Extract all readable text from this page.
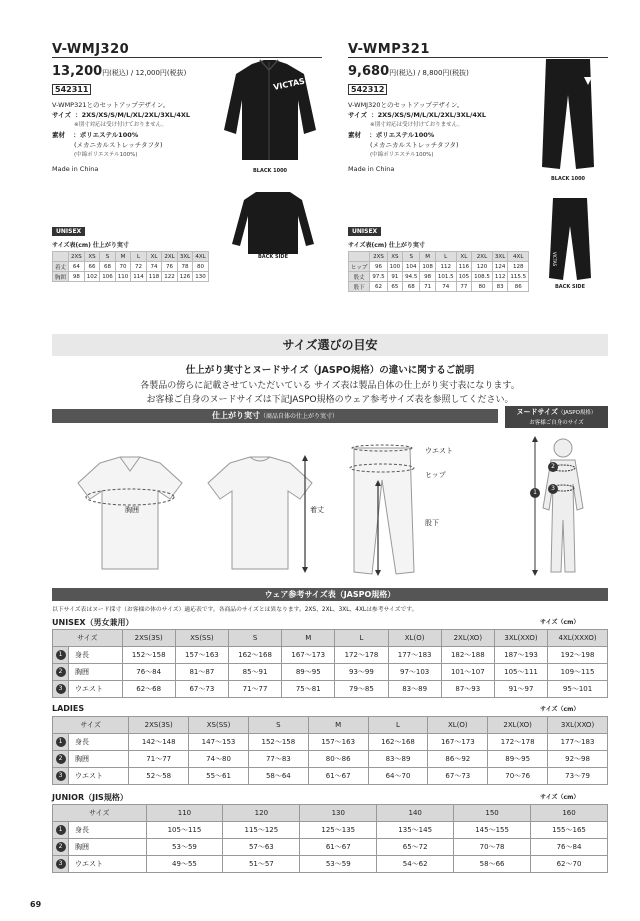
V-WMJ320
13,200円(税込) / 12,000円(税抜)
542311

V-WMP321とのセットアップデザイン。

サイズ ：2XS/XS/S/M/L/XL/2XL/3XL/4XL

※別寸対応は受け付けておりません。

素材 ：ポリエステル100%

(メカニカルストレッチタフタ)

(中綿ポリエステル100%)

Made in China

VICTAS
BLACK 1000
BACK SIDE
UNISEX
サイズ表(cm) 仕上がり実寸
	2XS	XS	S	M	L	XL	2XL	3XL	4XL
着丈	64	66	68	70	72	74	76	78	80
胸囲	98	102	106	110	114	118	122	126	130
V-WMP321
9,680円(税込) / 8,800円(税抜)
542312

V-WMJ320とのセットアップデザイン。

サイズ ：2XS/XS/S/M/L/XL/2XL/3XL/4XL

※別寸対応は受け付けておりません。

素材 ：ポリエステル100%

(メカニカルストレッチタフタ)

(中綿ポリエステル100%)

Made in China

BLACK 1000
VICTAS
BACK SIDE
UNISEX
サイズ表(cm) 仕上がり実寸
	2XS	XS	S	M	L	XL	2XL	3XL	4XL
ヒップ	96	100	104	108	112	116	120	124	128
股丈	97.5	91	94.5	98	101.5	105	108.5	112	115.5
股下	62	65	68	71	74	77	80	83	86
サイズ選びの目安
仕上がり実寸とヌードサイズ（JASPO規格）の違いに関するご説明
各製品の傍らに記載させていただいている サイズ表は製品自体の仕上がり実寸表になります。
お客様ご自身のヌードサイズは下記JASPO規格のウェア参考サイズ表を参照してください。
仕上がり実寸（商品自体の仕上がり実寸）
ヌードサイズ（JASPO規格）
お客様ご自身のサイズ
胸囲	着丈
ウエスト
ヒップ
股下
1
2
3
ウェア参考サイズ表（JASPO規格）
以下サイズ表はヌード採寸（お客様の体のサイズ）適応表です。各商品のサイズとは異なります。2XS、2XL、3XL、4XLは参考サイズです。
UNISEX（男女兼用）	サイズ（cm）
サイズ		2XS(3S)	XS(SS)	S	M	L	XL(O)	2XL(XO)	3XL(XXO)	4XL(XXXO)
1	身長	152〜158	157〜163	162〜168	167〜173	172〜178	177〜183	182〜188	187〜193	192〜198
2	胸囲	76〜84	81〜87	85〜91	89〜95	93〜99	97〜103	101〜107	105〜111	109〜115
3	ウエスト	62〜68	67〜73	71〜77	75〜81	79〜85	83〜89	87〜93	91〜97	95〜101
LADIES	サイズ（cm）
サイズ		2XS(3S)	XS(SS)	S	M	L	XL(O)	2XL(XO)	3XL(XXO)
1	身長	142〜148	147〜153	152〜158	157〜163	162〜168	167〜173	172〜178	177〜183
2	胸囲	71〜77	74〜80	77〜83	80〜86	83〜89	86〜92	89〜95	92〜98
3	ウエスト	52〜58	55〜61	58〜64	61〜67	64〜70	67〜73	70〜76	73〜79
JUNIOR（JIS規格）	サイズ（cm）
サイズ		110	120	130	140	150	160
1	身長	105〜115	115〜125	125〜135	135〜145	145〜155	155〜165
2	胸囲	53〜59	57〜63	61〜67	65〜72	70〜78	76〜84
3	ウエスト	49〜55	51〜57	53〜59	54〜62	58〜66	62〜70
69
